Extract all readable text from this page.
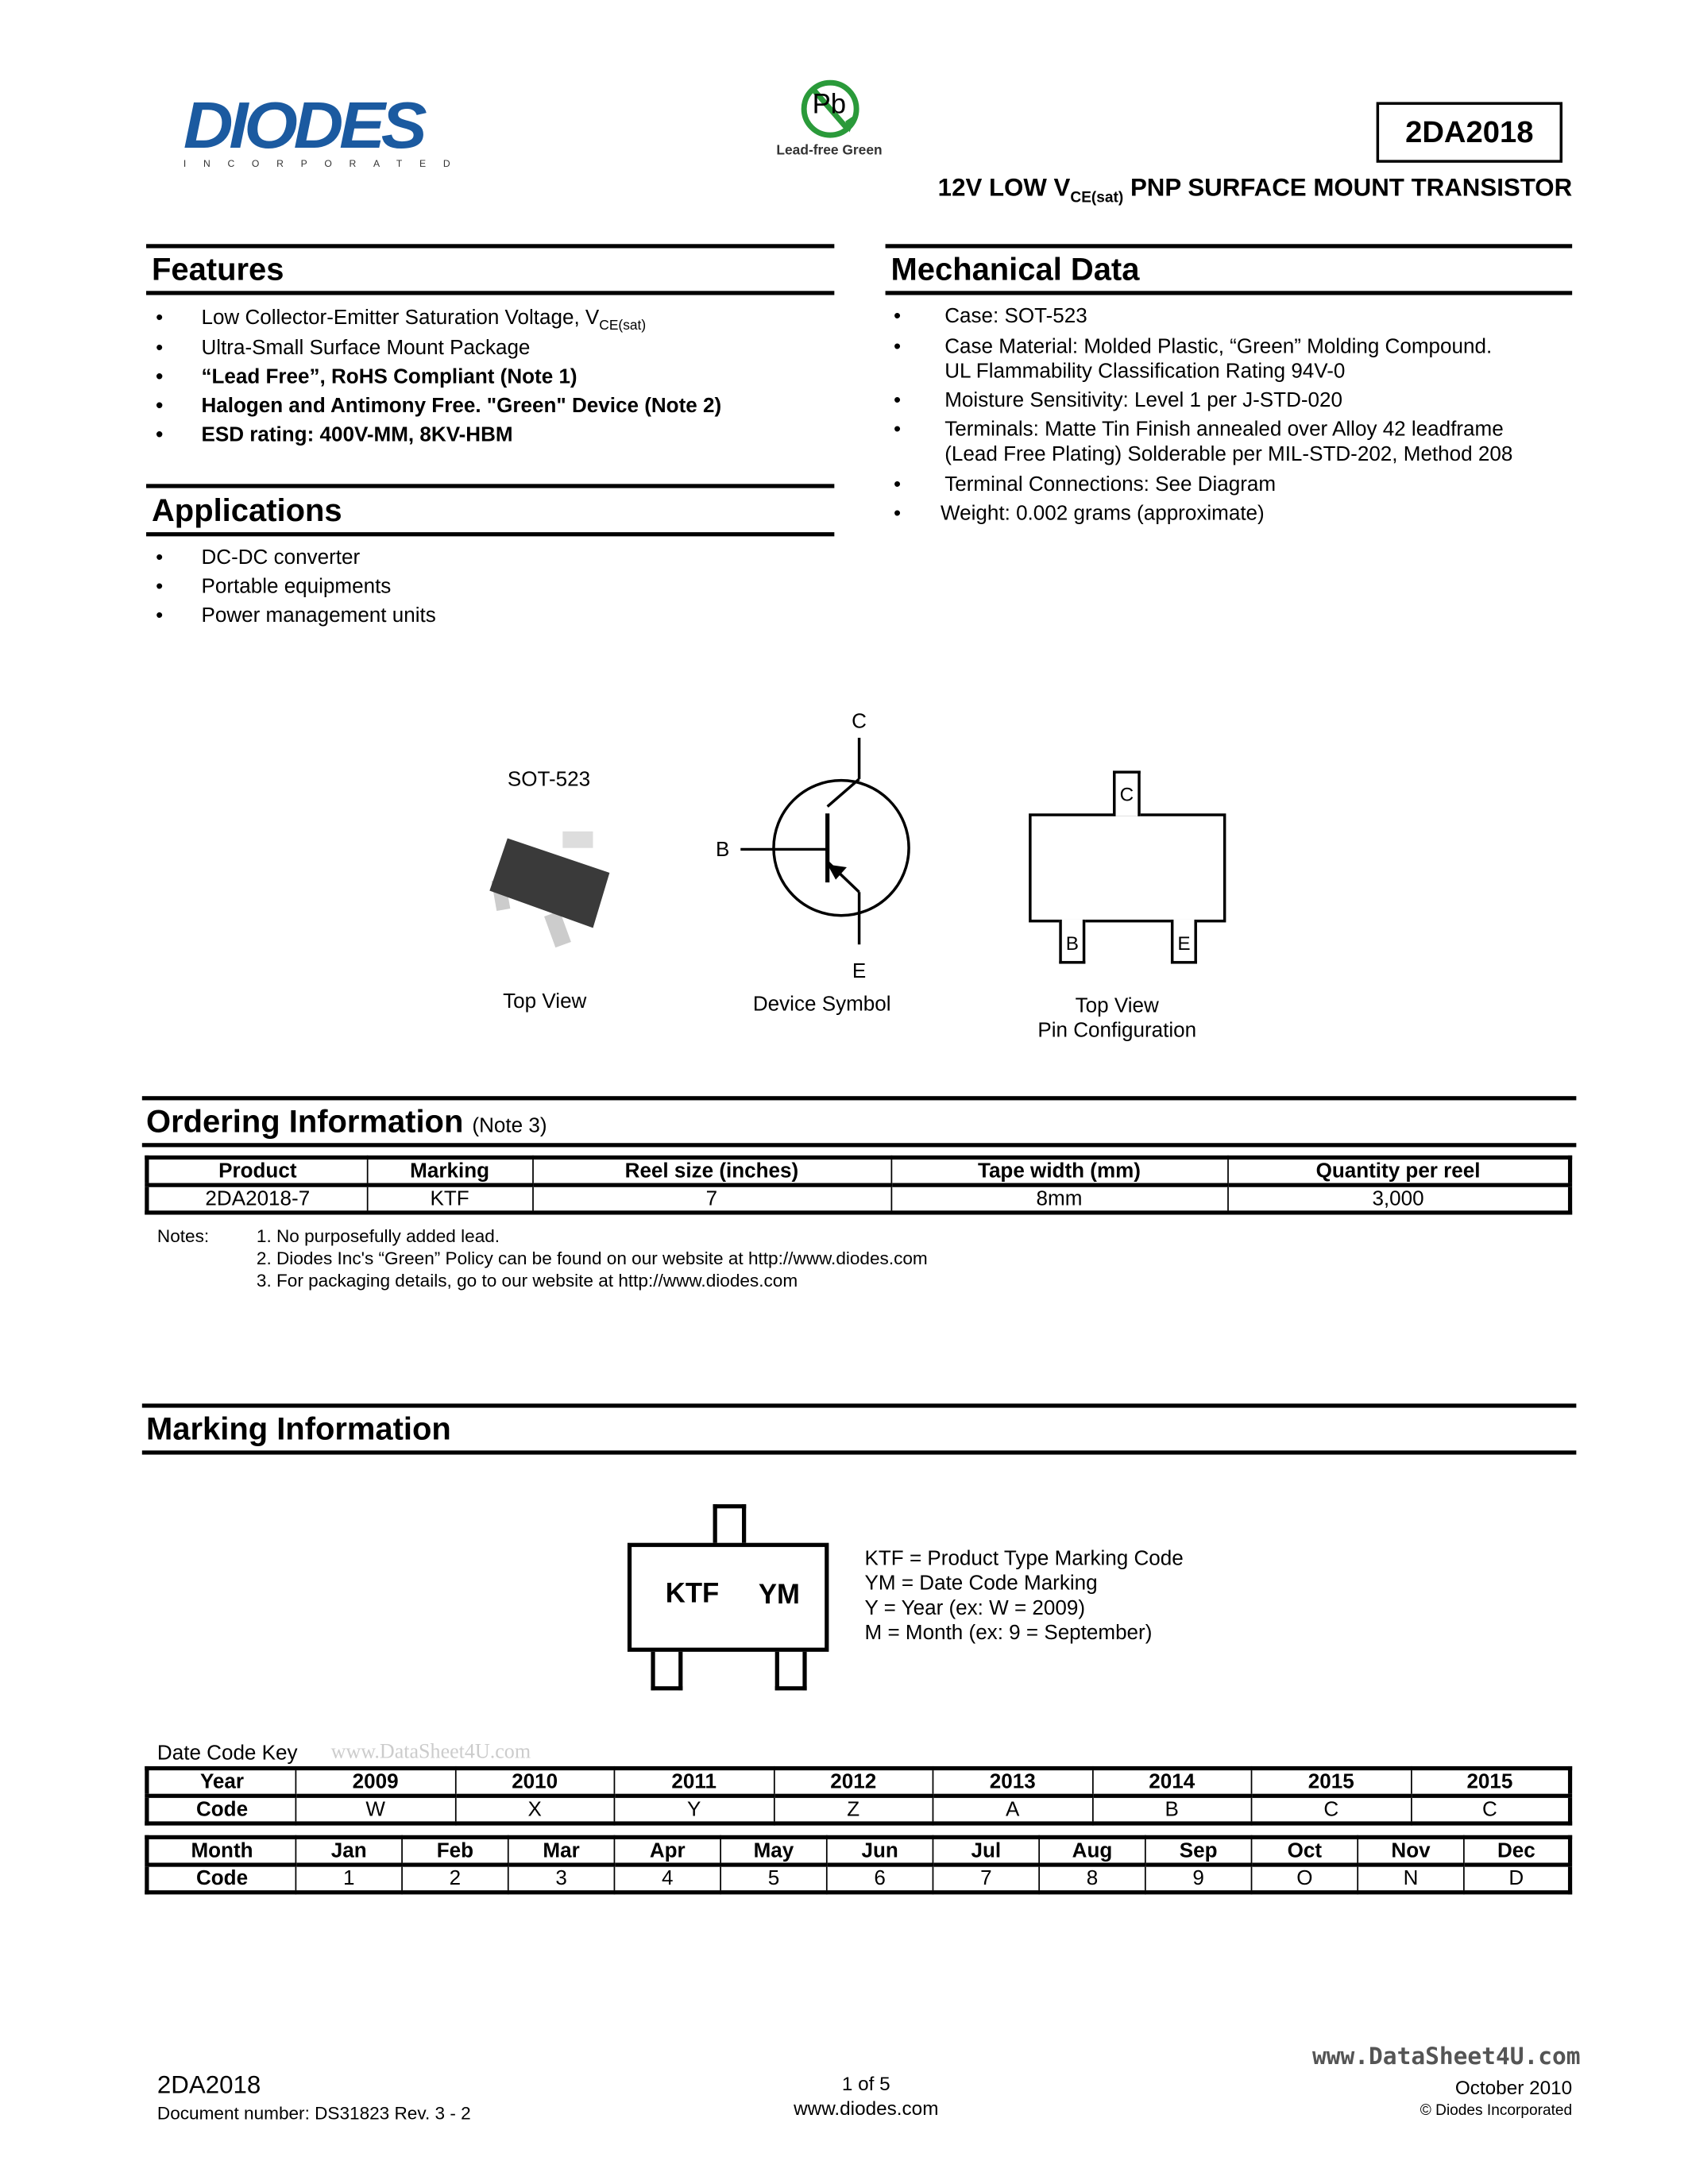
DIODES
INCORPORATED
Pb
Lead-free Green
2DA2018
12V LOW $V_{CE(sat)}$ PNP SURFACE MOUNT TRANSISTOR
Features
•	Low Collector-Emitter Saturation Voltage, $V_{CE(sat)}$
•	Ultra-Small Surface Mount Package
•	“Lead Free”, RoHS Compliant (Note 1)
•	Halogen and Antimony Free. "Green" Device (Note 2)
•	ESD rating: 400V-MM, 8KV-HBM
Applications
•	DC-DC converter
•	Portable equipments
•	Power management units
Mechanical Data
•	Case: SOT-523
•	Case Material: Molded Plastic, “Green” Molding Compound.
UL Flammability Classification Rating 94V-0
•	Moisture Sensitivity: Level 1 per J-STD-020
•	Terminals: Matte Tin Finish annealed over Alloy 42 leadframe
(Lead Free Plating) Solderable per MIL-STD-202, Method 208
•	Terminal Connections: See Diagram
•	Weight: 0.002 grams (approximate)
SOT-523
Top View
C
B
E
Device Symbol
C
B	E
Top View
Pin Configuration
Ordering Information (Note 3)
Product	Marking	Reel size (inches)	Tape width (mm)	Quantity per reel
2DA2018-7	KTF	7	8mm	3,000
Notes:	1. No purposefully added lead.
2. Diodes Inc's “Green” Policy can be found on our website at http://www.diodes.com
3. For packaging details, go to our website at http://www.diodes.com
Marking Information
KTF YM
KTF = Product Type Marking Code
YM = Date Code Marking
Y = Year (ex: W = 2009)
M = Month (ex: 9 = September)
www.DataSheet4U.com
Date Code Key
Year	2009	2010	2011	2012	2013	2014	2015	2015
Code	W	X	Y	Z	A	B	C	C
Month	Jan	Feb	Mar	Apr	May	Jun	Jul	Aug	Sep	Oct	Nov	Dec
Code	1	2	3	4	5	6	7	8	9	O	N	D
2DA2018
Document number: DS31823 Rev. 3 - 2
1 of 5
www.diodes.com
www.DataSheet4U.com
October 2010
© Diodes Incorporated
